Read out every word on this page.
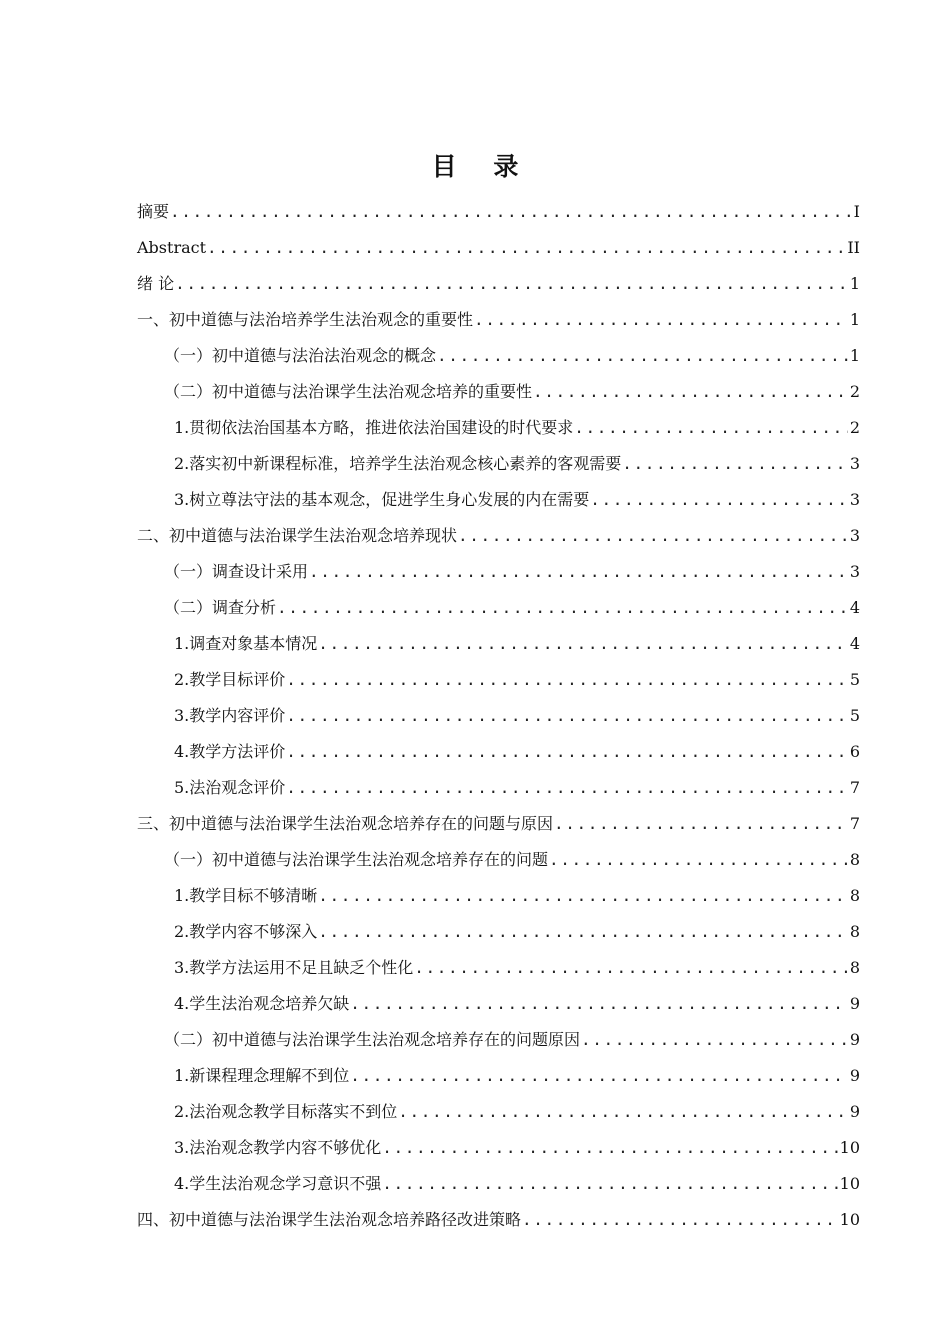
目 录
摘要 .....	I
Abstract .....	II
绪 论 .....	1
一、初中道德与法治培养学生法治观念的重要性 .....	1
（一）初中道德与法治法治观念的概念 .....	1
（二）初中道德与法治课学生法治观念培养的重要性 .....	2
1.贯彻依法治国基本方略，推进依法治国建设的时代要求 .....	2
2.落实初中新课程标准，培养学生法治观念核心素养的客观需要 .....	3
3.树立尊法守法的基本观念，促进学生身心发展的内在需要 .....	3
二、初中道德与法治课学生法治观念培养现状 .....	3
（一）调查设计采用 .....	3
（二）调查分析 .....	4
1.调查对象基本情况 .....	4
2.教学目标评价 .....	5
3.教学内容评价 .....	5
4.教学方法评价 .....	6
5.法治观念评价 .....	7
三、初中道德与法治课学生法治观念培养存在的问题与原因 .....	7
（一）初中道德与法治课学生法治观念培养存在的问题 .....	8
1.教学目标不够清晰 .....	8
2.教学内容不够深入 .....	8
3.教学方法运用不足且缺乏个性化 .....	8
4.学生法治观念培养欠缺 .....	9
（二）初中道德与法治课学生法治观念培养存在的问题原因 .....	9
1.新课程理念理解不到位 .....	9
2.法治观念教学目标落实不到位 .....	9
3.法治观念教学内容不够优化 .....	10
4.学生法治观念学习意识不强 .....	10
四、初中道德与法治课学生法治观念培养路径改进策略 .....	10
